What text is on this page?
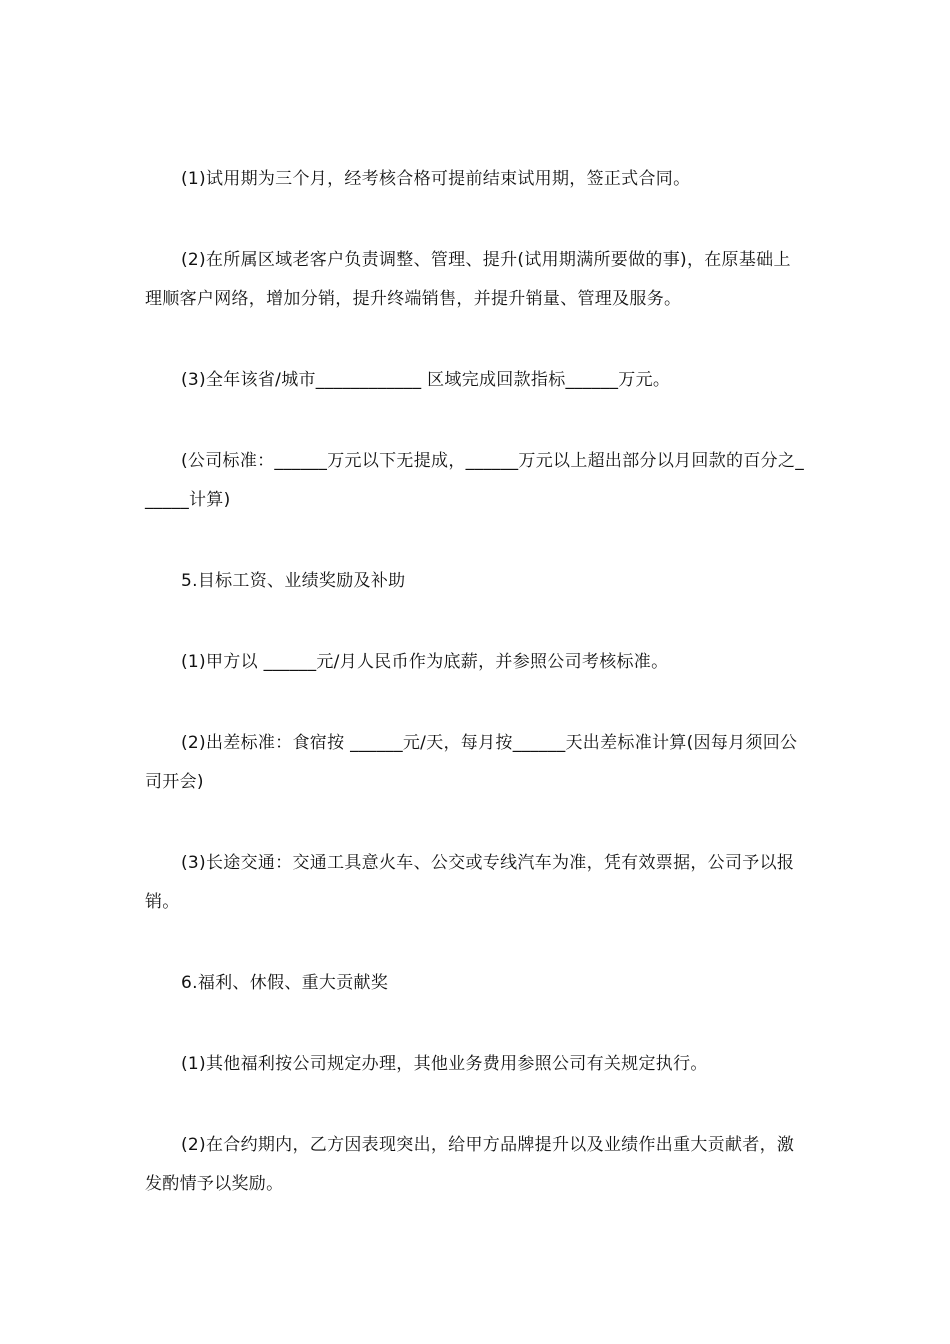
(1)试用期为三个月，经考核合格可提前结束试用期，签正式合同。

(2)在所属区域老客户负责调整、管理、提升(试用期满所要做的事)，在原基础上理顺客户网络，增加分销，提升终端销售，并提升销量、管理及服务。

(3)全年该省/城市____________ 区域完成回款指标______万元。

(公司标准：______万元以下无提成，______万元以上超出部分以月回款的百分之______计算)

5.目标工资、业绩奖励及补助

(1)甲方以 ______元/月人民币作为底薪，并参照公司考核标准。

(2)出差标准：食宿按 ______元/天，每月按______天出差标准计算(因每月须回公司开会)

(3)长途交通：交通工具意火车、公交或专线汽车为准，凭有效票据，公司予以报销。

6.福利、休假、重大贡献奖

(1)其他福利按公司规定办理，其他业务费用参照公司有关规定执行。

(2)在合约期内，乙方因表现突出，给甲方品牌提升以及业绩作出重大贡献者，激发酌情予以奖励。
